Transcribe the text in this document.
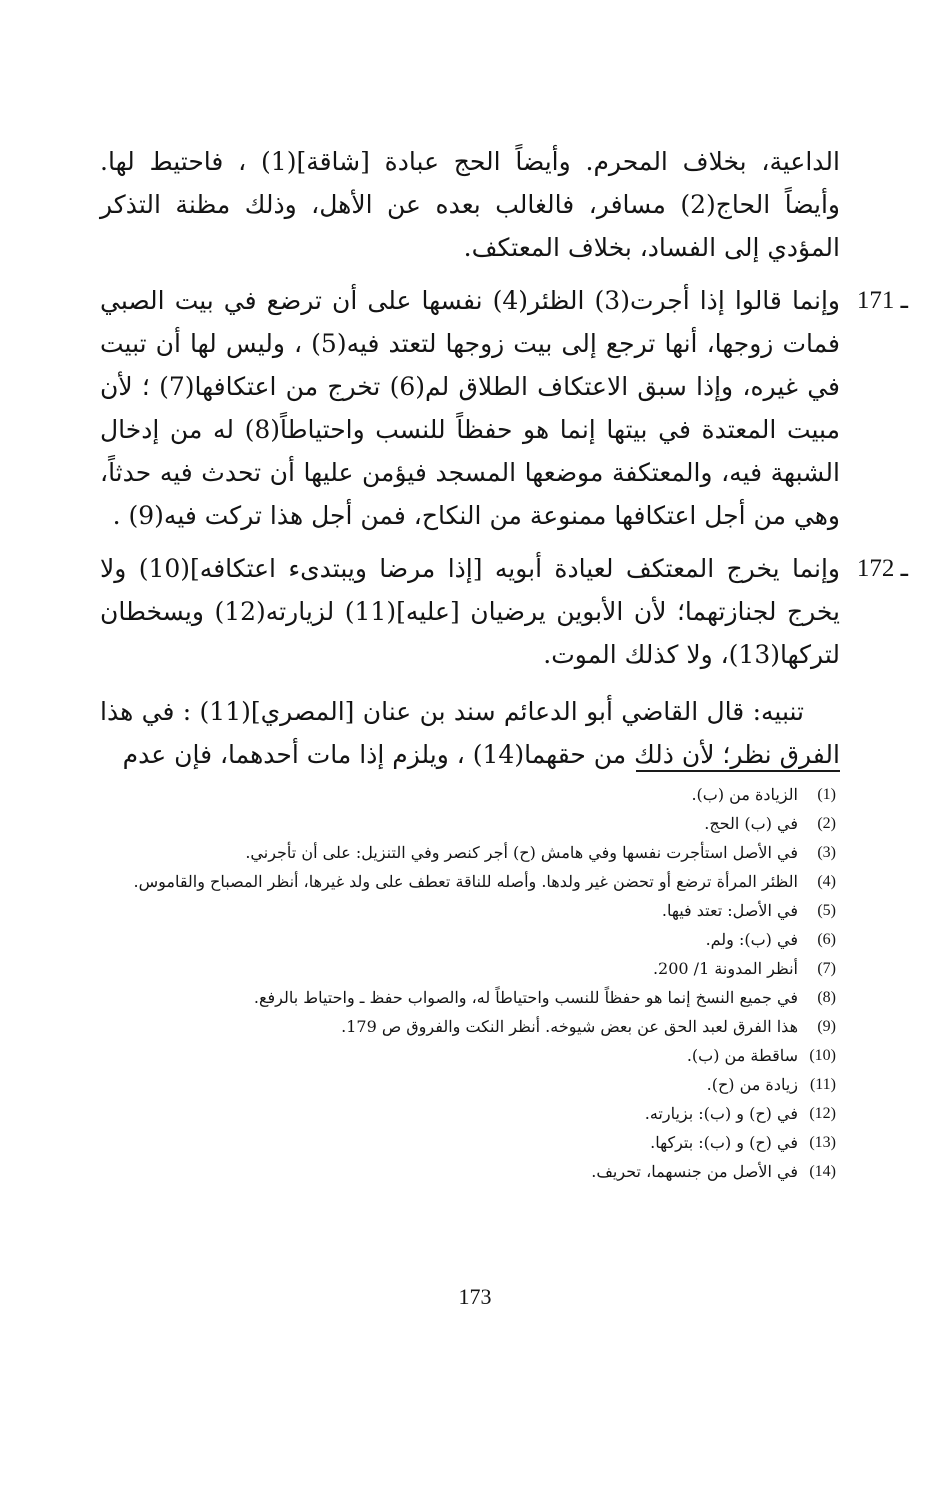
الداعية، بخلاف المحرم. وأيضاً الحج عبادة [شاقة](1) ، فاحتيط لها. وأيضاً الحاج(2) مسافر، فالغالب بعده عن الأهل، وذلك مظنة التذكر المؤدي إلى الفساد، بخلاف المعتكف.

171 ـ
وإنما قالوا إذا أجرت(3) الظئر(4) نفسها على أن ترضع في بيت الصبي فمات زوجها، أنها ترجع إلى بيت زوجها لتعتد فيه(5) ، وليس لها أن تبيت في غيره، وإذا سبق الاعتكاف الطلاق لم(6) تخرج من اعتكافها(7) ؛ لأن مبيت المعتدة في بيتها إنما هو حفظاً للنسب واحتياطاً(8) له من إدخال الشبهة فيه، والمعتكفة موضعها المسجد فيؤمن عليها أن تحدث فيه حدثاً، وهي من أجل اعتكافها ممنوعة من النكاح، فمن أجل هذا تركت فيه(9) .
172 ـ
وإنما يخرج المعتكف لعيادة أبويه [إذا مرضا ويبتدىء اعتكافه](10) ولا يخرج لجنازتهما؛ لأن الأبوين يرضيان [عليه](11) لزيارته(12) ويسخطان لتركها(13)، ولا كذلك الموت.

تنبيه: قال القاضي أبو الدعائم سند بن عنان [المصري](11) : في هذا الفرق نظر؛ لأن ذلك من حقهما(14) ، ويلزم إذا مات أحدهما، فإن عدم

(1)
الزيادة من (ب).
(2)
في (ب) الحج.
(3)
في الأصل استأجرت نفسها وفي هامش (ح) أجر كنصر وفي التنزيل: على أن تأجرني.
(4)
الظئر المرأة ترضع أو تحضن غير ولدها. وأصله للناقة تعطف على ولد غيرها، أنظر المصباح والقاموس.
(5)
في الأصل: تعتد فيها.
(6)
في (ب): ولم.
(7)
أنظر المدونة 1/ 200.
(8)
في جميع النسخ إنما هو حفظاً للنسب واحتياطاً له، والصواب حفظ ـ واحتياط بالرفع.
(9)
هذا الفرق لعبد الحق عن بعض شيوخه. أنظر النكت والفروق ص 179.
(10)
ساقطة من (ب).
(11)
زيادة من (ح).
(12)
في (ح) و (ب): بزيارته.
(13)
في (ح) و (ب): بتركها.
(14)
في الأصل من جنسهما، تحريف.
173
